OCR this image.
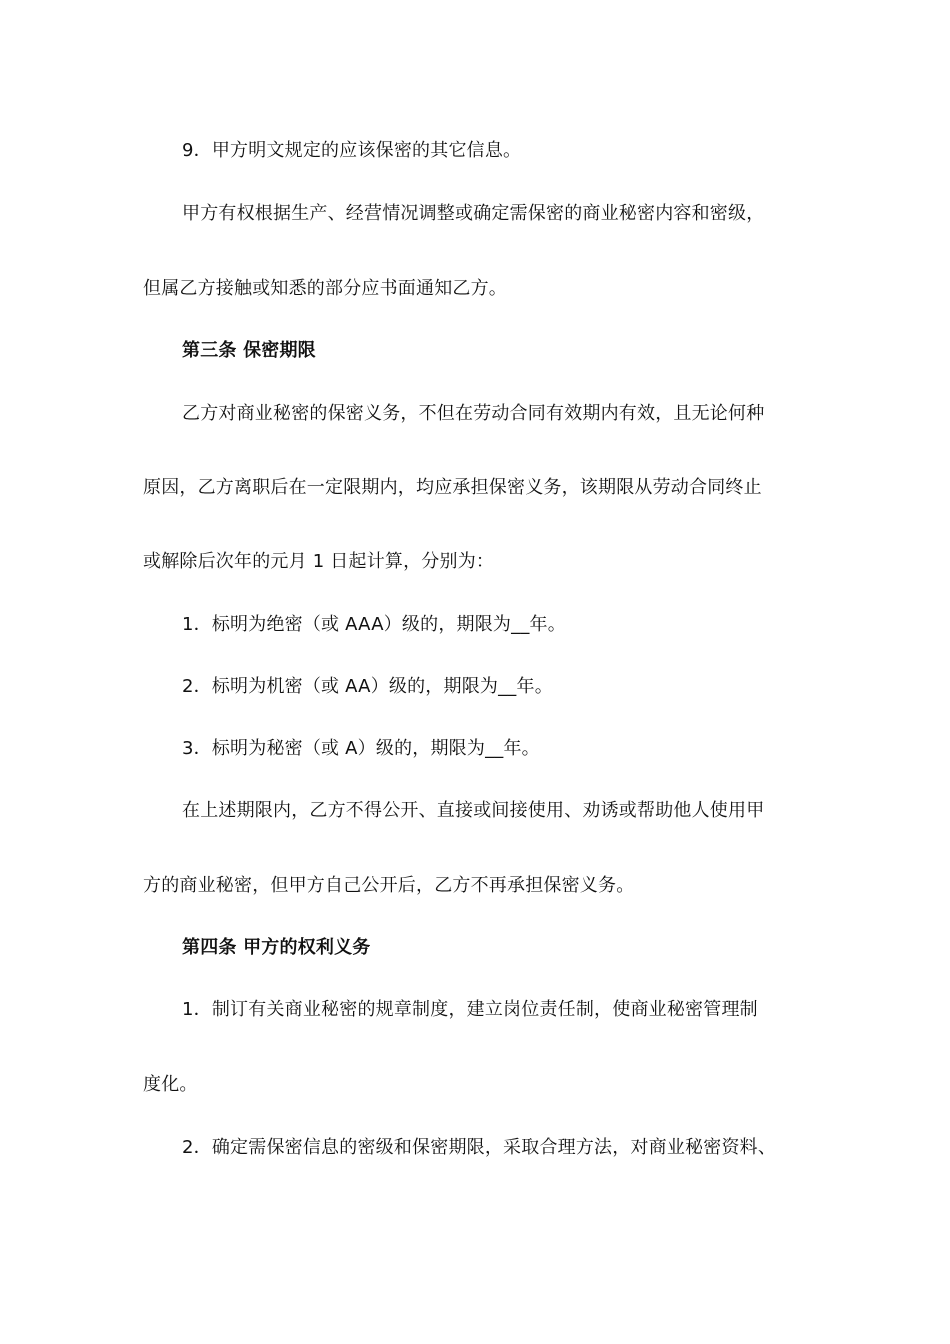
9．甲方明文规定的应该保密的其它信息。
甲方有权根据生产、经营情况调整或确定需保密的商业秘密内容和密级，
但属乙方接触或知悉的部分应书面通知乙方。
第三条 保密期限
乙方对商业秘密的保密义务，不但在劳动合同有效期内有效，且无论何种
原因，乙方离职后在一定限期内，均应承担保密义务，该期限从劳动合同终止
或解除后次年的元月 1 日起计算，分别为：
1．标明为绝密（或 AAA）级的，期限为__年。
2．标明为机密（或 AA）级的，期限为__年。
3．标明为秘密（或 A）级的，期限为__年。
在上述期限内，乙方不得公开、直接或间接使用、劝诱或帮助他人使用甲
方的商业秘密，但甲方自己公开后，乙方不再承担保密义务。
第四条 甲方的权利义务
1．制订有关商业秘密的规章制度，建立岗位责任制，使商业秘密管理制
度化。
2．确定需保密信息的密级和保密期限，采取合理方法，对商业秘密资料、
